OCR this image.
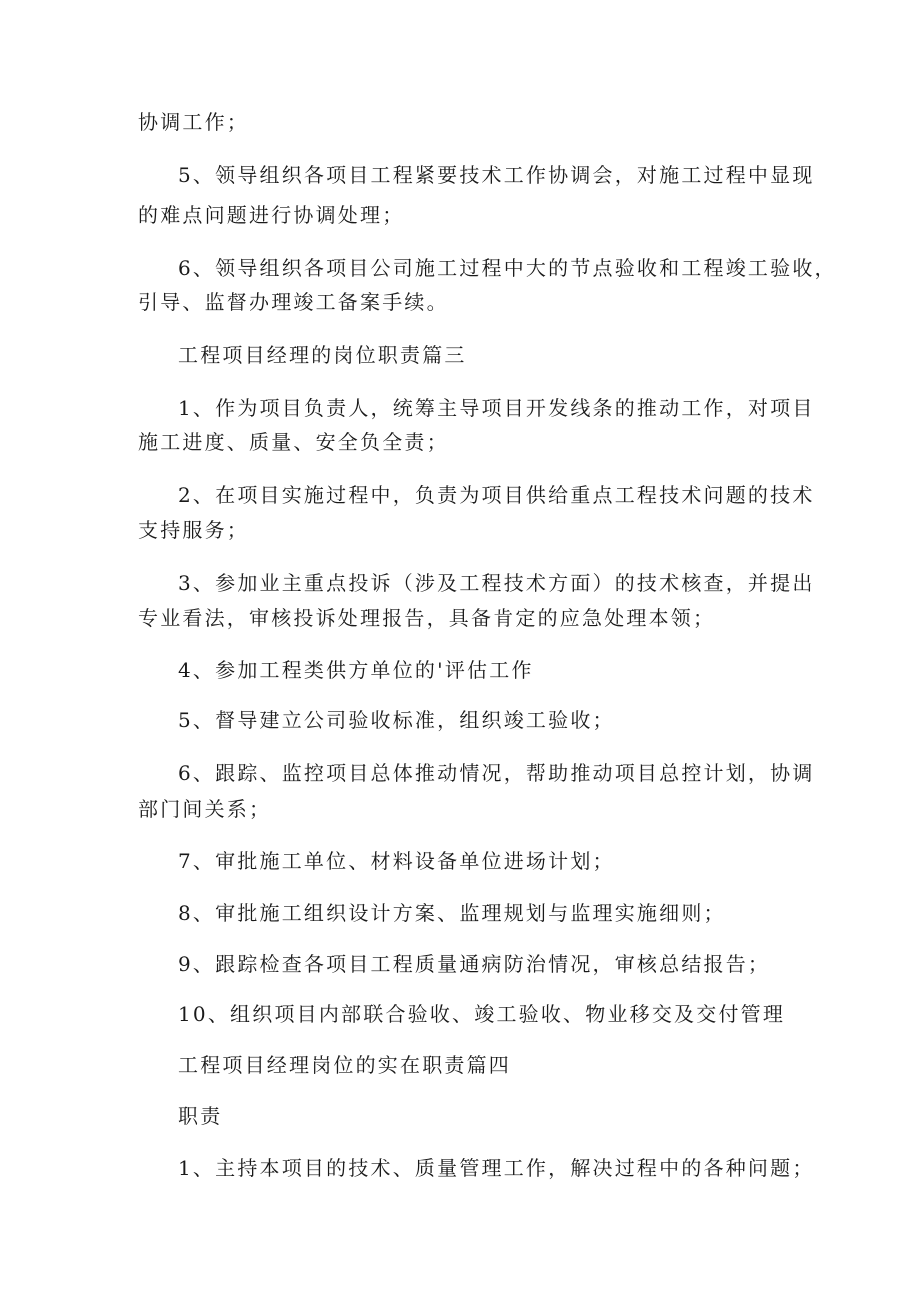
协调工作；

5、领导组织各项目工程紧要技术工作协调会，对施工过程中显现

的难点问题进行协调处理；

6、领导组织各项目公司施工过程中大的节点验收和工程竣工验收，

引导、监督办理竣工备案手续。

工程项目经理的岗位职责篇三

1、作为项目负责人，统筹主导项目开发线条的推动工作，对项目

施工进度、质量、安全负全责；

2、在项目实施过程中，负责为项目供给重点工程技术问题的技术

支持服务；

3、参加业主重点投诉（涉及工程技术方面）的技术核查，并提出

专业看法，审核投诉处理报告，具备肯定的应急处理本领；

4、参加工程类供方单位的'评估工作

5、督导建立公司验收标准，组织竣工验收；

6、跟踪、监控项目总体推动情况，帮助推动项目总控计划，协调

部门间关系；

7、审批施工单位、材料设备单位进场计划；

8、审批施工组织设计方案、监理规划与监理实施细则；

9、跟踪检查各项目工程质量通病防治情况，审核总结报告；

10、组织项目内部联合验收、竣工验收、物业移交及交付管理

工程项目经理岗位的实在职责篇四

职责

1、主持本项目的技术、质量管理工作，解决过程中的各种问题；
